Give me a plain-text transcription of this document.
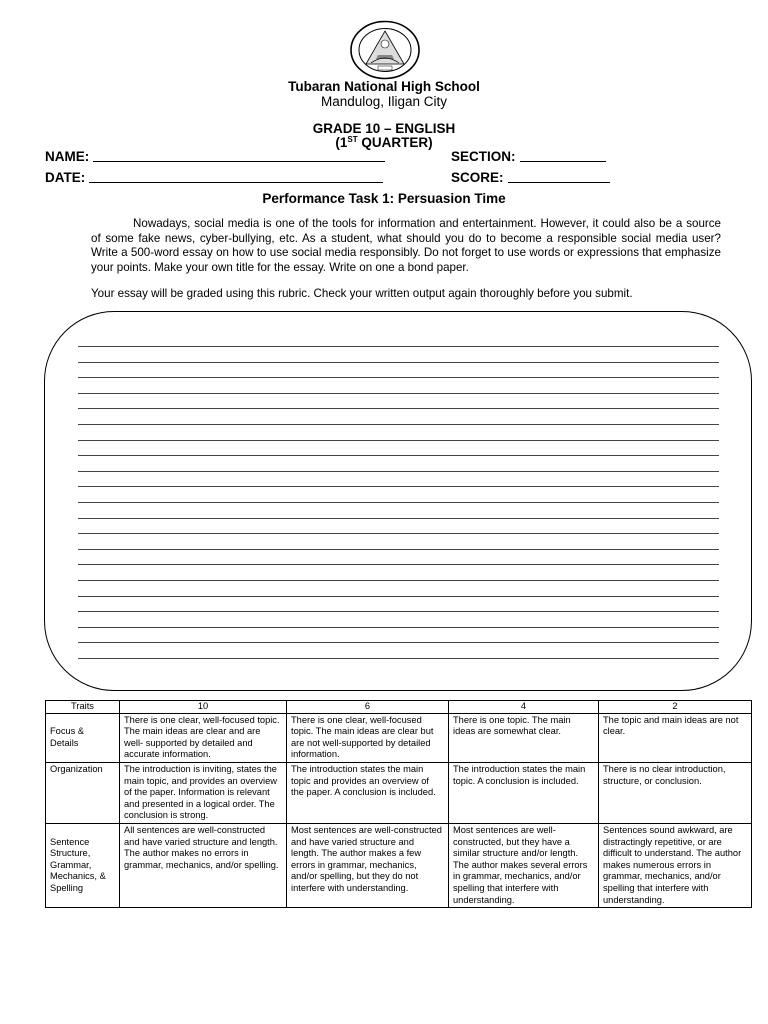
Tubaran National High School
Mandulog, Iligan City
GRADE 10 – ENGLISH
(1ST QUARTER)
NAME:	SECTION:
DATE:	SCORE:
Performance Task 1: Persuasion Time
Nowadays, social media is one of the tools for information and entertainment. However, it could also be a source of some fake news, cyber-bullying, etc. As a student, what should you do to become a responsible social media user? Write a 500-word essay on how to use social media responsibly. Do not forget to use words or expressions that emphasize your points. Make your own title for the essay. Write on one a bond paper.
Your essay will be graded using this rubric. Check your written output again thoroughly before you submit.
Traits	10	6	4	2
Focus & Details	There is one clear, well-focused topic. The main ideas are clear and are well- supported by detailed and accurate information.	There is one clear, well-focused topic. The main ideas are clear but are not well-supported by detailed information.	There is one topic. The main ideas are somewhat clear.	The topic and main ideas are not clear.
Organization	The introduction is inviting, states the main topic, and provides an overview of the paper. Information is relevant and presented in a logical order. The conclusion is strong.	The introduction states the main topic and provides an overview of the paper. A conclusion is included.	The introduction states the main topic. A conclusion is included.	There is no clear introduction, structure, or conclusion.
Sentence Structure, Grammar, Mechanics, & Spelling	All sentences are well-constructed and have varied structure and length. The author makes no errors in grammar, mechanics, and/or spelling.	Most sentences are well-constructed and have varied structure and length. The author makes a few errors in grammar, mechanics, and/or spelling, but they do not interfere with understanding.	Most sentences are well-constructed, but they have a similar structure and/or length. The author makes several errors in grammar, mechanics, and/or spelling that interfere with understanding.	Sentences sound awkward, are distractingly repetitive, or are difficult to understand. The author makes numerous errors in grammar, mechanics, and/or spelling that interfere with understanding.
